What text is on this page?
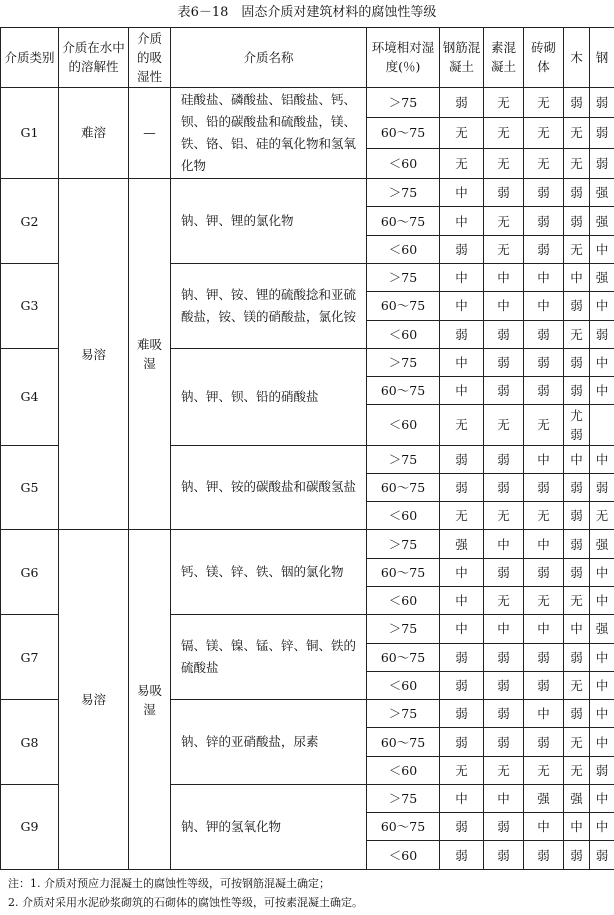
表6－18　固态介质对建筑材料的腐蚀性等级
介质类别	介质在水中的溶解性	介质的吸湿性	介质名称	环境相对湿度(％)	钢筋混凝土	素混凝土	砖砌体	木	钢
G1	难溶	—	硅酸盐、磷酸盐、铝酸盐、钙、钡、铅的碳酸盐和硫酸盐，镁、铁、铬、铝、硅的氧化物和氢氧化物	＞75	弱	无	无	弱	弱
				60～75	无	无	无	无	弱
				＜60	无	无	无	无	弱
G2	易溶	难吸湿	钠、钾、锂的氯化物	＞75	中	弱	弱	弱	强
				60～75	中	无	弱	弱	强
				＜60	弱	无	弱	无	中
G3			钠、钾、铵、锂的硫酸捻和亚硫酸盐，铵、镁的硝酸盐，氯化铵	＞75	中	中	中	中	强
				60～75	中	中	中	弱	中
				＜60	弱	弱	弱	无	弱
G4			钠、钾、钡、铅的硝酸盐	＞75	中	弱	弱	弱	中
				60～75	中	弱	弱	弱	中
				＜60	无	无	无	尤弱	
G5			钠、钾、铵的碳酸盐和碳酸氢盐	＞75	弱	弱	中	中	中
				60～75	弱	弱	弱	弱	弱
				＜60	无	无	无	弱	无
G6	易溶	易吸湿	钙、镁、锌、铁、铟的氯化物	＞75	强	中	中	弱	强
				60～75	中	弱	弱	弱	中
				＜60	中	无	无	无	中
G7			镉、镁、镍、锰、锌、铜、铁的硫酸盐	＞75	中	中	中	中	强
				60～75	弱	弱	弱	弱	中
				＜60	弱	弱	弱	无	中
G8			钠、锌的亚硝酸盐，尿素	＞75	弱	弱	中	弱	中
				60～75	弱	弱	弱	无	中
				＜60	无	无	无	无	弱
G9			钠、钾的氢氧化物	＞75	中	中	强	强	中
				60～75	弱	弱	中	中	中
				＜60	弱	弱	弱	弱	弱
注：1. 介质对预应力混凝土的腐蚀性等级，可按钢筋混凝土确定；
2. 介质对采用水泥砂浆砌筑的石砌体的腐蚀性等级，可按素混凝土确定。
